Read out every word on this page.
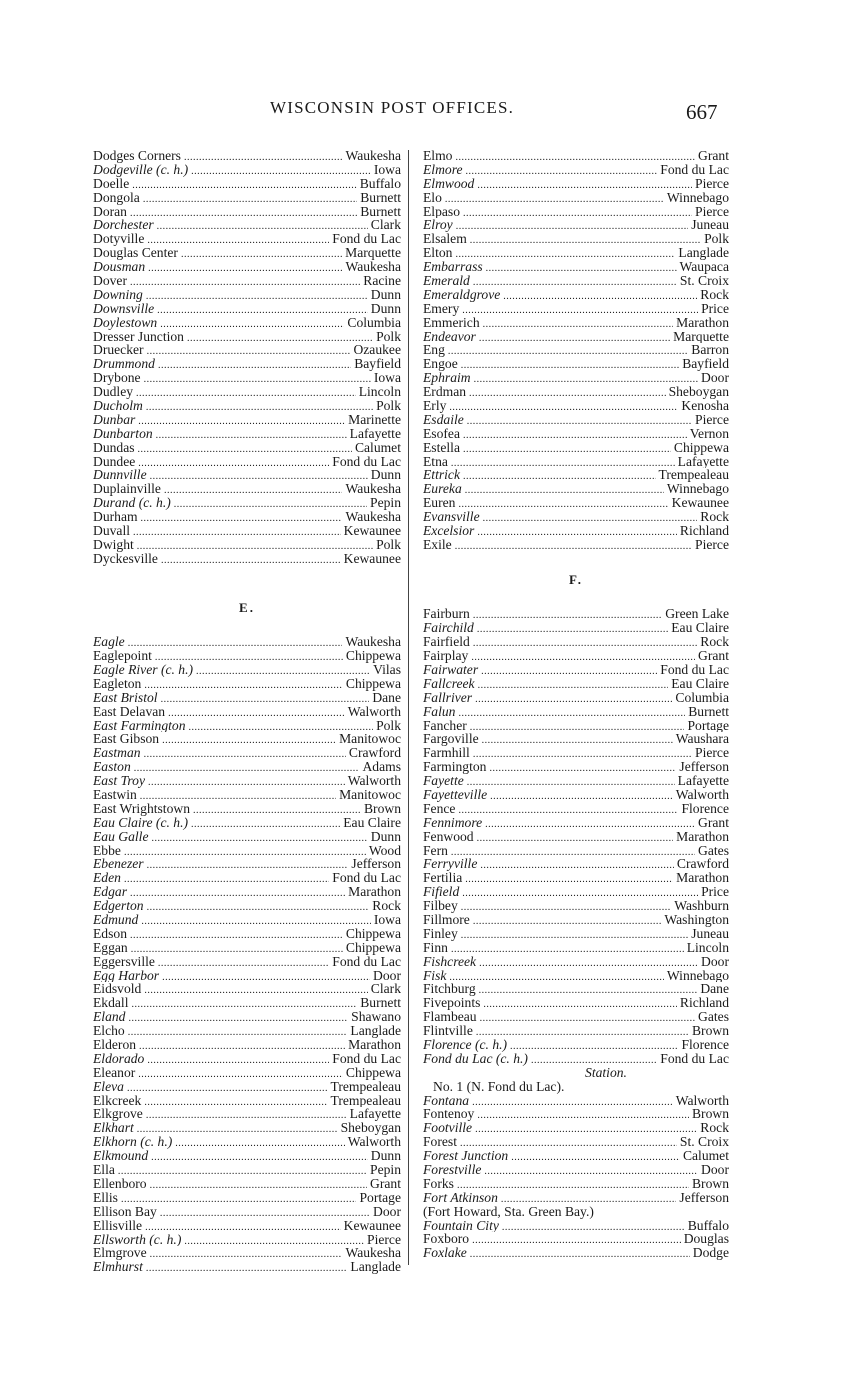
WISCONSIN POST OFFICES.	667
Dodges Corners . . .	Waukesha
Dodgeville (c. h.) . . .	Iowa
Doelle . . .	Buffalo
Dongola . . .	Burnett
Doran . . .	Burnett
Dorchester . . .	Clark
Dotyville . . .	Fond du Lac
Douglas Center . . .	Marquette
Dousman . . .	Waukesha
Dover . . .	Racine
Downing . . .	Dunn
Downsville . . .	Dunn
Doylestown . . .	Columbia
Dresser Junction . . .	Polk
Druecker . . .	Ozaukee
Drummond . . .	Bayfield
Drybone . . .	Iowa
Dudley . . .	Lincoln
Ducholm . . .	Polk
Dunbar . . .	Marinette
Dunbarton . . .	Lafayette
Dundas . . .	Calumet
Dundee . . .	Fond du Lac
Dunnville . . .	Dunn
Duplainville . . .	Waukesha
Durand (c. h.) . . .	Pepin
Durham . . .	Waukesha
Duvall . . .	Kewaunee
Dwight . . .	Polk
Dyckesville . . .	Kewaunee
E.
Eagle . . .	Waukesha
Eaglepoint . . .	Chippewa
Eagle River (c. h.) . . .	Vilas
Eagleton . . .	Chippewa
East Bristol . . .	Dane
East Delavan . . .	Walworth
East Farmington . . .	Polk
East Gibson . . .	Manitowoc
Eastman . . .	Crawford
Easton . . .	Adams
East Troy . . .	Walworth
Eastwin . . .	Manitowoc
East Wrightstown . . .	Brown
Eau Claire (c. h.) . . .	Eau Claire
Eau Galle . . .	Dunn
Ebbe . . .	Wood
Ebenezer . . .	Jefferson
Eden . . .	Fond du Lac
Edgar . . .	Marathon
Edgerton . . .	Rock
Edmund . . .	Iowa
Edson . . .	Chippewa
Eggan . . .	Chippewa
Eggersville . . .	Fond du Lac
Egg Harbor . . .	Door
Eidsvold . . .	Clark
Ekdall . . .	Burnett
Eland . . .	Shawano
Elcho . . .	Langlade
Elderon . . .	Marathon
Eldorado . . .	Fond du Lac
Eleanor . . .	Chippewa
Eleva . . .	Trempealeau
Elkcreek . . .	Trempealeau
Elkgrove . . .	Lafayette
Elkhart . . .	Sheboygan
Elkhorn (c. h.) . . .	Walworth
Elkmound . . .	Dunn
Ella . . .	Pepin
Ellenboro . . .	Grant
Ellis . . .	Portage
Ellison Bay . . .	Door
Ellisville . . .	Kewaunee
Ellsworth (c. h.) . . .	Pierce
Elmgrove . . .	Waukesha
Elmhurst . . .	Langlade
Elmo . . .	Grant
Elmore . . .	Fond du Lac
Elmwood . . .	Pierce
Elo . . .	Winnebago
Elpaso . . .	Pierce
Elroy . . .	Juneau
Elsalem . . .	Polk
Elton . . .	Langlade
Embarrass . . .	Waupaca
Emerald . . .	St. Croix
Emeraldgrove . . .	Rock
Emery . . .	Price
Emmerich . . .	Marathon
Endeavor . . .	Marquette
Eng . . .	Barron
Engoe . . .	Bayfield
Ephraim . . .	Door
Erdman . . .	Sheboygan
Erly . . .	Kenosha
Esdaile . . .	Pierce
Esofea . . .	Vernon
Estella . . .	Chippewa
Etna . . .	Lafayette
Ettrick . . .	Trempealeau
Eureka . . .	Winnebago
Euren . . .	Kewaunee
Evansville . . .	Rock
Excelsior . . .	Richland
Exile . . .	Pierce
F.
Fairburn . . .	Green Lake
Fairchild . . .	Eau Claire
Fairfield . . .	Rock
Fairplay . . .	Grant
Fairwater . . .	Fond du Lac
Fallcreek . . .	Eau Claire
Fallriver . . .	Columbia
Falun . . .	Burnett
Fancher . . .	Portage
Fargoville . . .	Waushara
Farmhill . . .	Pierce
Farmington . . .	Jefferson
Fayette . . .	Lafayette
Fayetteville . . .	Walworth
Fence . . .	Florence
Fennimore . . .	Grant
Fenwood . . .	Marathon
Fern . . .	Gates
Ferryville . . .	Crawford
Fertilia . . .	Marathon
Fifield . . .	Price
Filbey . . .	Washburn
Fillmore . . .	Washington
Finley . . .	Juneau
Finn . . .	Lincoln
Fishcreek . . .	Door
Fisk . . .	Winnebago
Fitchburg . . .	Dane
Fivepoints . . .	Richland
Flambeau . . .	Gates
Flintville . . .	Brown
Florence (c. h.) . . .	Florence
Fond du Lac (c. h.) . . .	Fond du Lac
Station.
No. 1 (N. Fond du Lac).
Fontana . . .	Walworth
Fontenoy . . .	Brown
Footville . . .	Rock
Forest . . .	St. Croix
Forest Junction . . .	Calumet
Forestville . . .	Door
Forks . . .	Brown
Fort Atkinson . . .	Jefferson
(Fort Howard, Sta. Green Bay.)
Fountain City . . .	Buffalo
Foxboro . . .	Douglas
Foxlake . . .	Dodge
